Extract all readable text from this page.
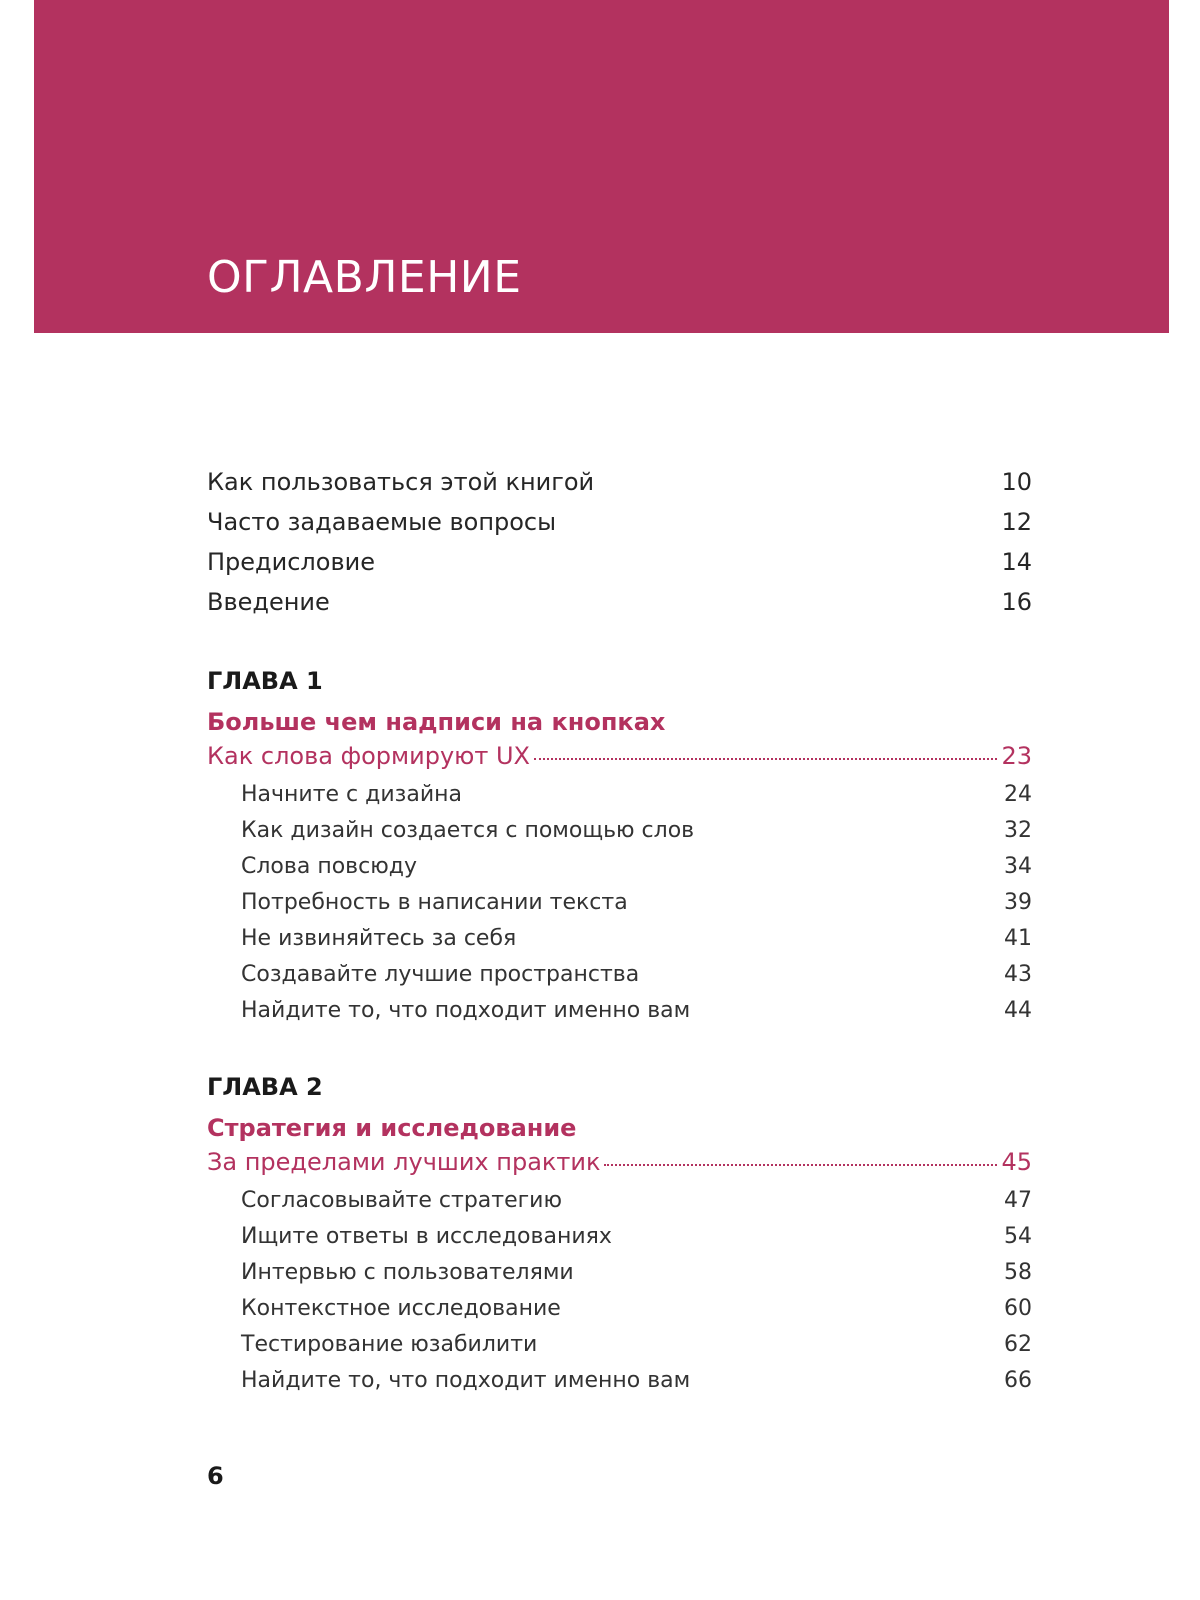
ОГЛАВЛЕНИЕ
Как пользоваться этой книгой	10
Часто задаваемые вопросы	12
Предисловие	14
Введение	16
ГЛАВА 1
Больше чем надписи на кнопках
Как слова формируют UX	23
Начните с дизайна	24
Как дизайн создается с помощью слов	32
Слова повсюду	34
Потребность в написании текста	39
Не извиняйтесь за себя	41
Создавайте лучшие пространства	43
Найдите то, что подходит именно вам	44
ГЛАВА 2
Стратегия и исследование
За пределами лучших практик	45
Согласовывайте стратегию	47
Ищите ответы в исследованиях	54
Интервью с пользователями	58
Контекстное исследование	60
Тестирование юзабилити	62
Найдите то, что подходит именно вам	66
6
